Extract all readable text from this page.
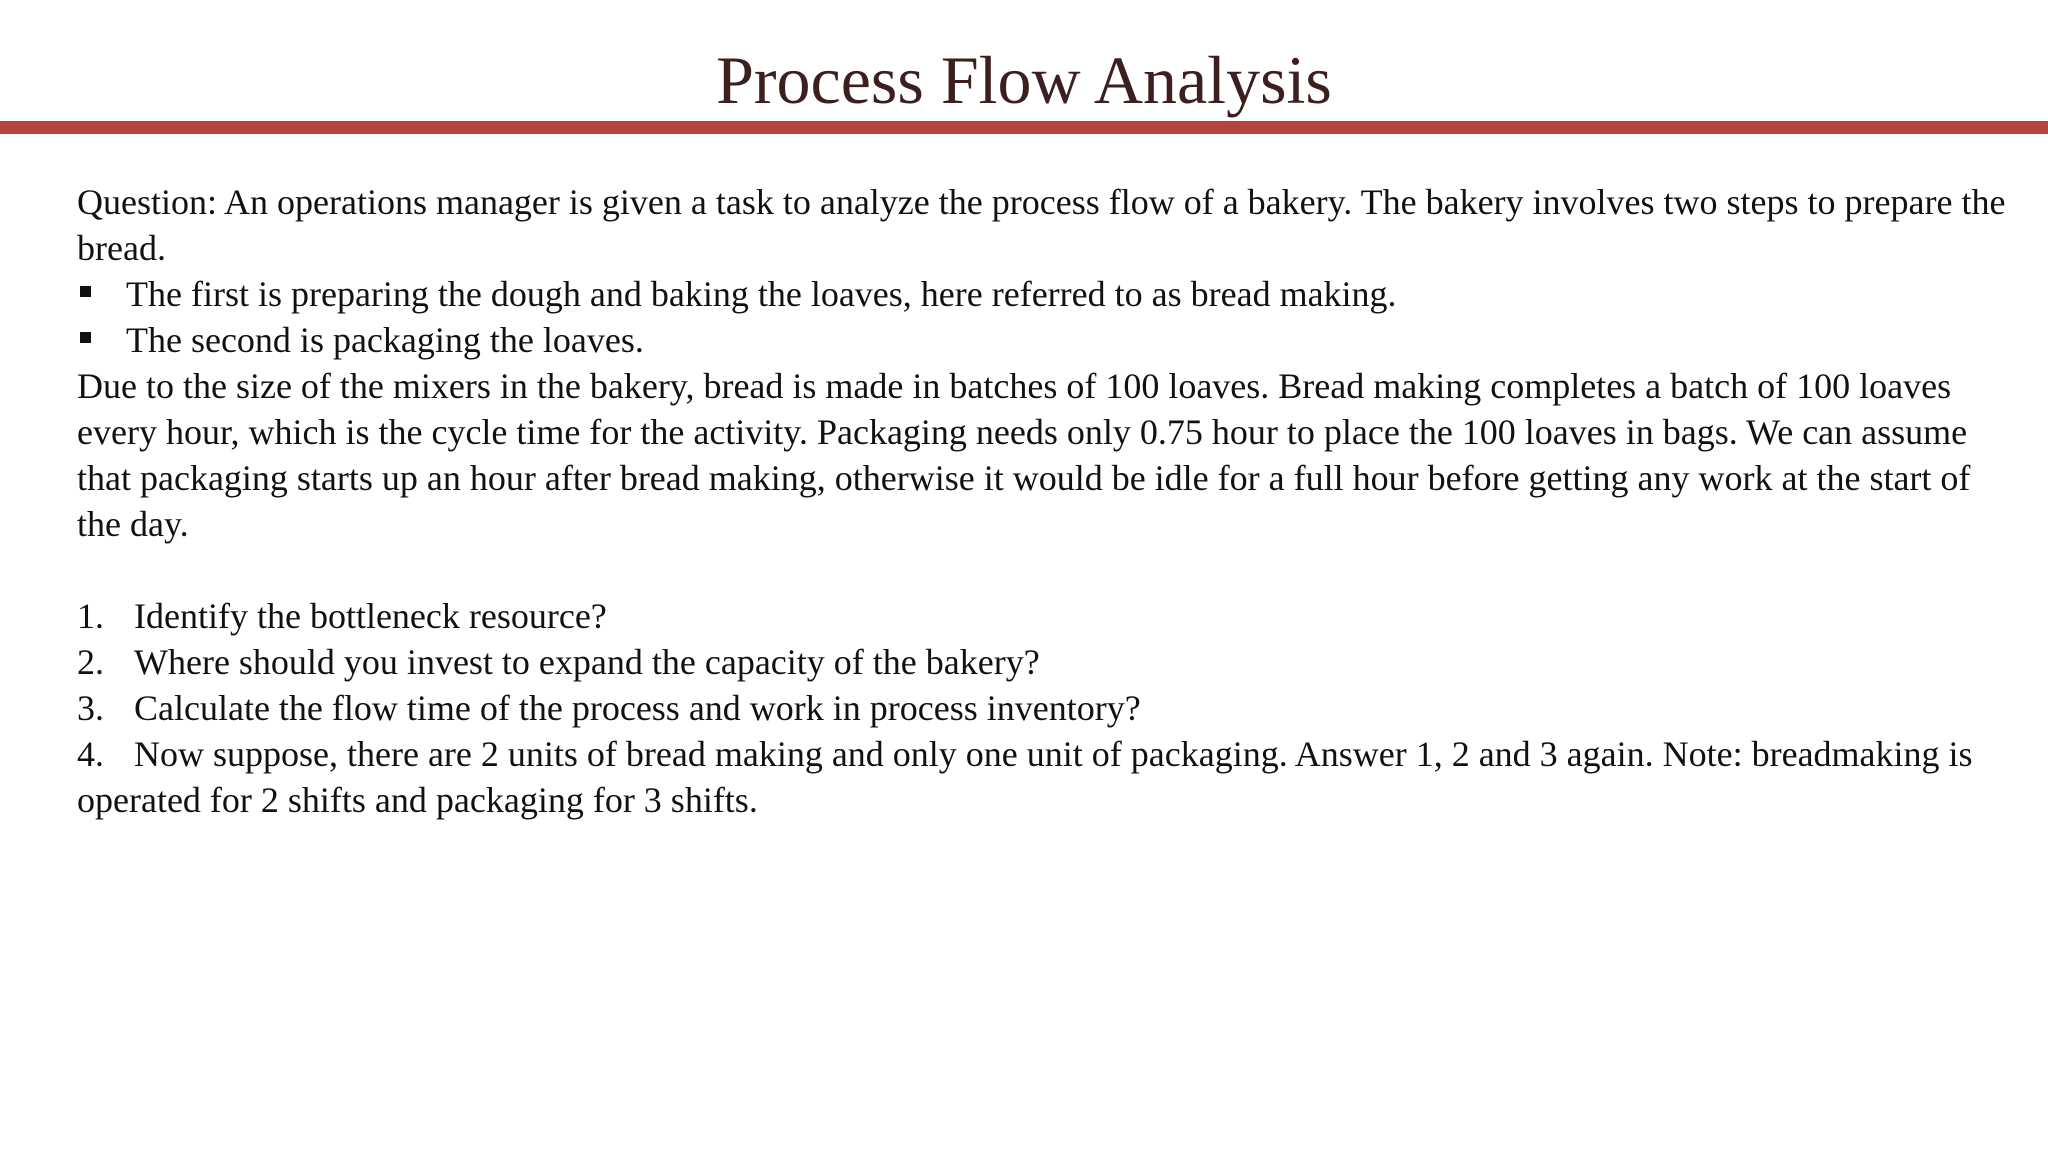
Process Flow Analysis

Question: An operations manager is given a task to analyze the process flow of a bakery. The bakery involves two steps to prepare the bread.

The first is preparing the dough and baking the loaves, here referred to as bread making.
The second is packaging the loaves.

Due to the size of the mixers in the bakery, bread is made in batches of 100 loaves. Bread making completes a batch of 100 loaves every hour, which is the cycle time for the activity. Packaging needs only 0.75 hour to place the 100 loaves in bags. We can assume that packaging starts up an hour after bread making, otherwise it would be idle for a full hour before getting any work at the start of the day.

1. Identify the bottleneck resource?
2. Where should you invest to expand the capacity of the bakery?
3. Calculate the flow time of the process and work in process inventory?
4. Now suppose, there are 2 units of bread making and only one unit of packaging. Answer 1, 2 and 3 again. Note: breadmaking is operated for 2 shifts and packaging for 3 shifts.
